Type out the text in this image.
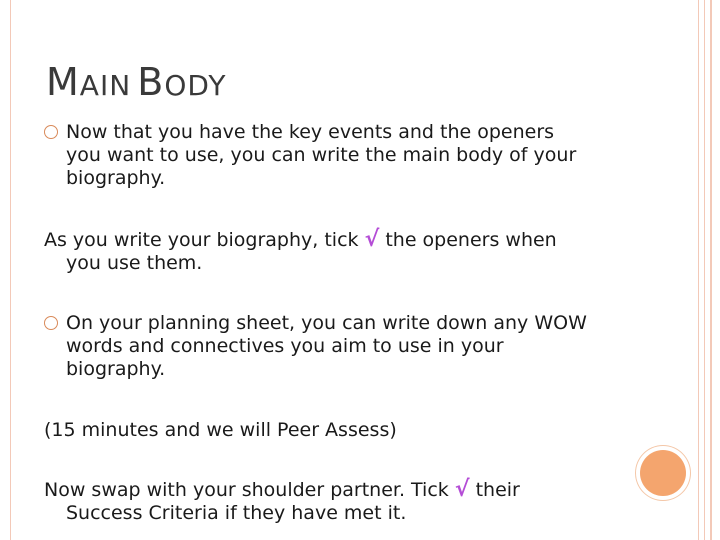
MAIN BODY
Now that you have the key events and the openers
you want to use, you can write the main body of your
biography.
As you write your biography, tick √ the openers when
you use them.
On your planning sheet, you can write down any WOW
words and connectives you aim to use in your
biography.
(15 minutes and we will Peer Assess)
Now swap with your shoulder partner. Tick √ their
Success Criteria if they have met it.
